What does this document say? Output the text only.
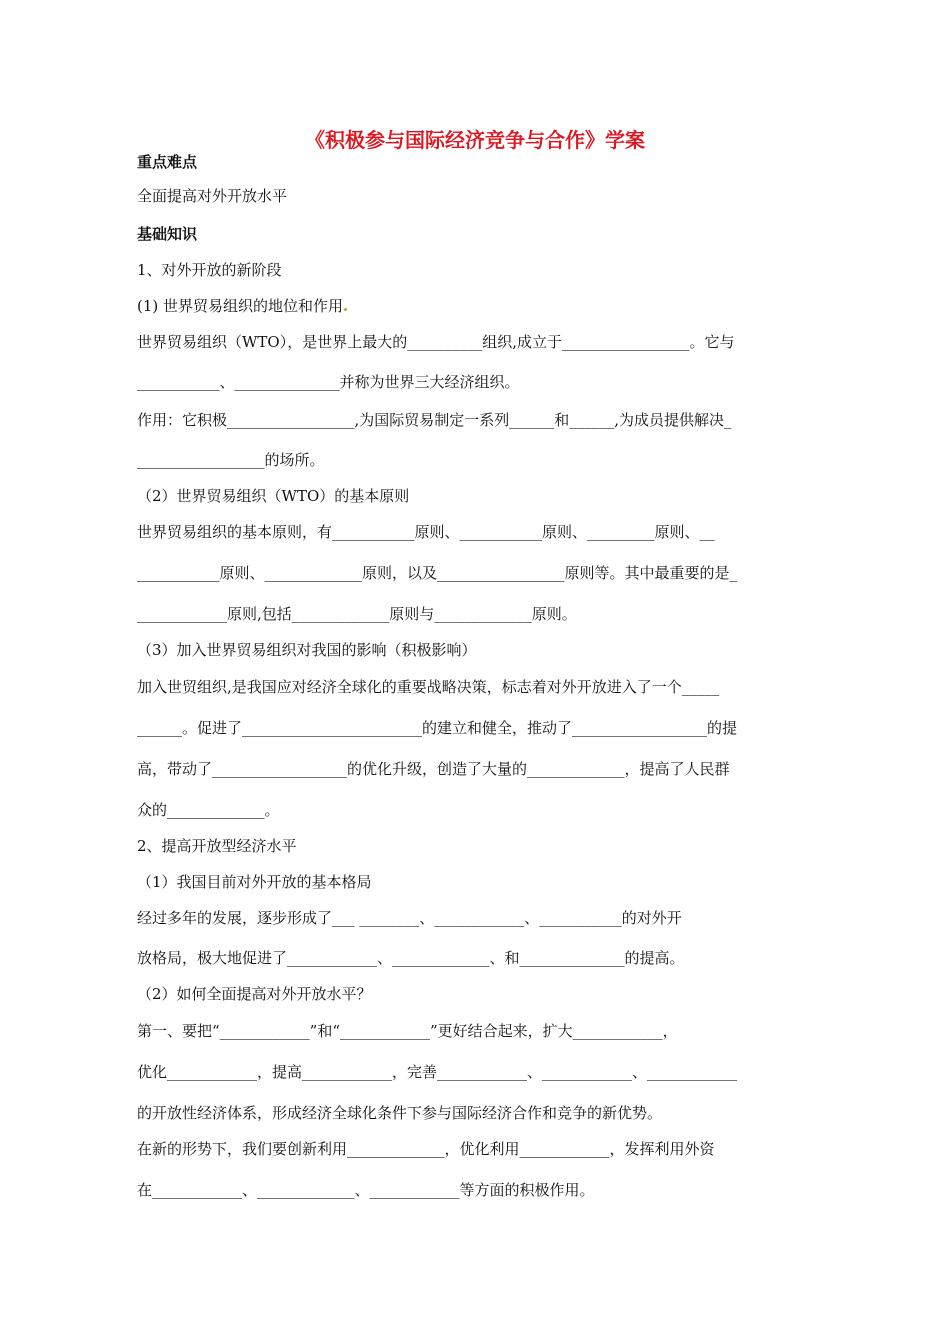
《积极参与国际经济竞争与合作》学案
重点难点
全面提高对外开放水平
基础知识
1、对外开放的新阶段
(1) 世界贸易组织的地位和作用
世界贸易组织（WTO），是世界上最大的__________组织,成立于_________________。它与
___________、______________并称为世界三大经济组织。
作用：它积极_________________,为国际贸易制定一系列______和______,为成员提供解决_
_________________的场所。
（2）世界贸易组织（WTO）的基本原则
世界贸易组织的基本原则，有___________原则、___________原则、_________原则、__
___________原则、_____________原则，以及_________________原则等。其中最重要的是_
____________原则,包括_____________原则与_____________原则。
（3）加入世界贸易组织对我国的影响（积极影响）
加入世贸组织,是我国应对经济全球化的重要战略决策，标志着对外开放进入了一个_____
______。促进了________________________的建立和健全，推动了__________________的提
高，带动了__________________的优化升级，创造了大量的_____________，提高了人民群
众的_____________。
2、提高开放型经济水平
（1）我国目前对外开放的基本格局
经过多年的发展，逐步形成了___ ________、____________、___________的对外开
放格局，极大地促进了____________、_____________、和______________的提高。
（2）如何全面提高对外开放水平？
第一、要把“____________”和“____________”更好结合起来，扩大____________，
优化____________，提高____________，完善____________、____________、____________
的开放性经济体系，形成经济全球化条件下参与国际经济合作和竞争的新优势。
在新的形势下，我们要创新利用_____________，优化利用____________，发挥利用外资
在____________、_____________、____________等方面的积极作用。
